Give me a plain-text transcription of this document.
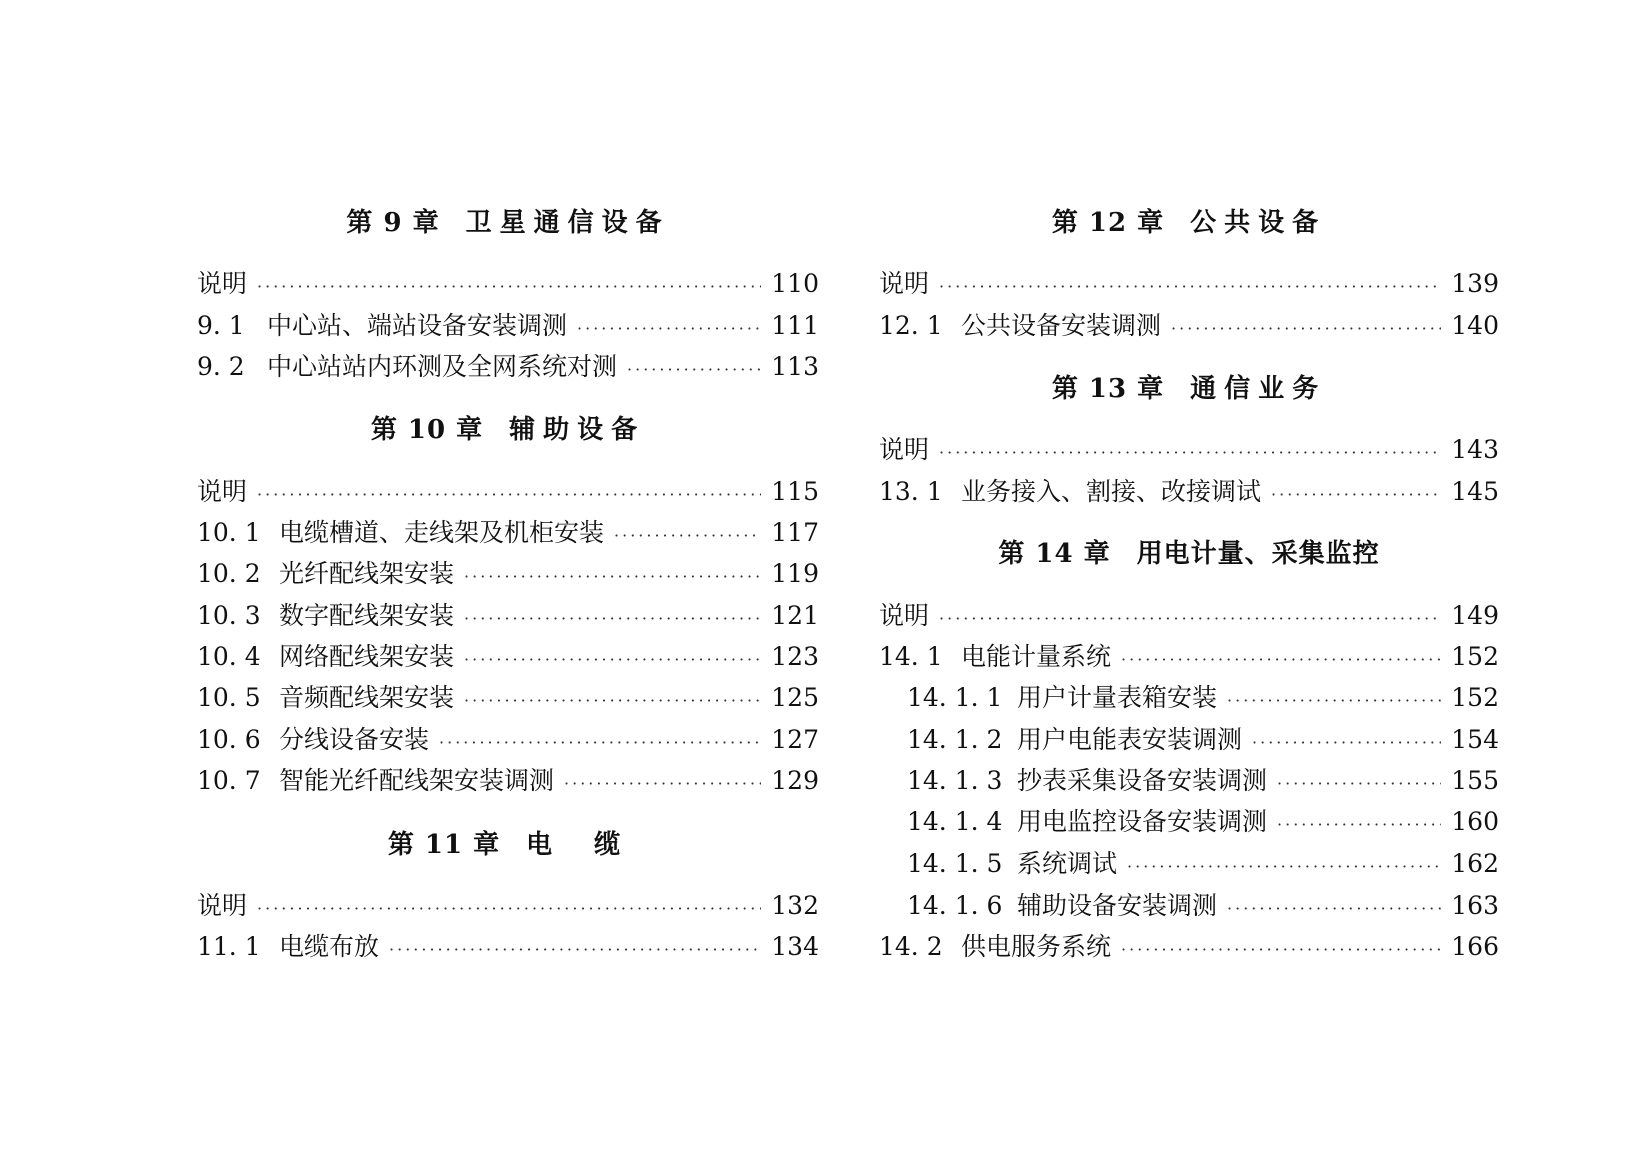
第 9 章 卫星通信设备
说明 ·····	110
9. 1 中心站、端站设备安装调测 ·····	111
9. 2 中心站站内环测及全网系统对测 ·····	113
第 10 章 辅助设备
说明 ·····	115
10. 1 电缆槽道、走线架及机柜安装 ·····	117
10. 2 光纤配线架安装 ·····	119
10. 3 数字配线架安装 ·····	121
10. 4 网络配线架安装 ·····	123
10. 5 音频配线架安装 ·····	125
10. 6 分线设备安装 ·····	127
10. 7 智能光纤配线架安装调测 ·····	129
第 11 章 电　缆
说明 ·····	132
11. 1 电缆布放 ·····	134
第 12 章 公共设备
说明 ·····	139
12. 1 公共设备安装调测 ·····	140
第 13 章 通信业务
说明 ·····	143
13. 1 业务接入、割接、改接调试 ·····	145
第 14 章 用电计量、采集监控
说明 ·····	149
14. 1 电能计量系统 ·····	152
14. 1. 1 用户计量表箱安装 ·····	152
14. 1. 2 用户电能表安装调测 ·····	154
14. 1. 3 抄表采集设备安装调测 ·····	155
14. 1. 4 用电监控设备安装调测 ·····	160
14. 1. 5 系统调试 ·····	162
14. 1. 6 辅助设备安装调测 ·····	163
14. 2 供电服务系统 ·····	166
